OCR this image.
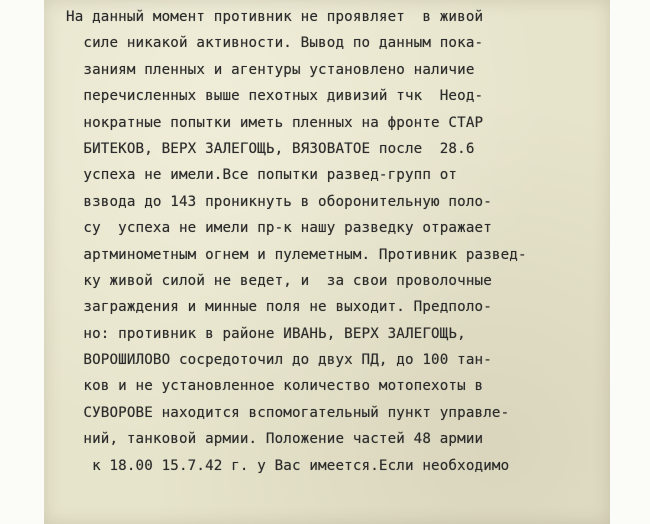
На данный момент противник не проявляет  в живой
силе никакой активности. Вывод по данным пока-
заниям пленных и агентуры установлено наличие
перечисленных выше пехотных дивизий тчк  Неод-
нократные попытки иметь пленных на фронте СТАР
БИТЕКОВ, ВЕРХ ЗАЛЕГОЩЬ, ВЯЗОВАТОЕ после  28.6
успеха не имели.Все попытки развед-групп от
взвода до 143 проникнуть в оборонительную поло-
су  успеха не имели пр-к нашу разведку отражает
артминометным огнем и пулеметным. Противник развед-
ку живой силой не ведет, и  за свои проволочные
заграждения и минные поля не выходит. Предполо-
но: противник в районе ИВАНЬ, ВЕРХ ЗАЛЕГОЩЬ,
ВОРОШИЛОВО сосредоточил до двух ПД, до 100 тан-
ков и не установленное количество мотопехоты в
СУВОРОВЕ находится вспомогательный пункт управле-
ний, танковой армии. Положение частей 48 армии
к 18.00 15.7.42 г. у Вас имеется.Если необходимо
